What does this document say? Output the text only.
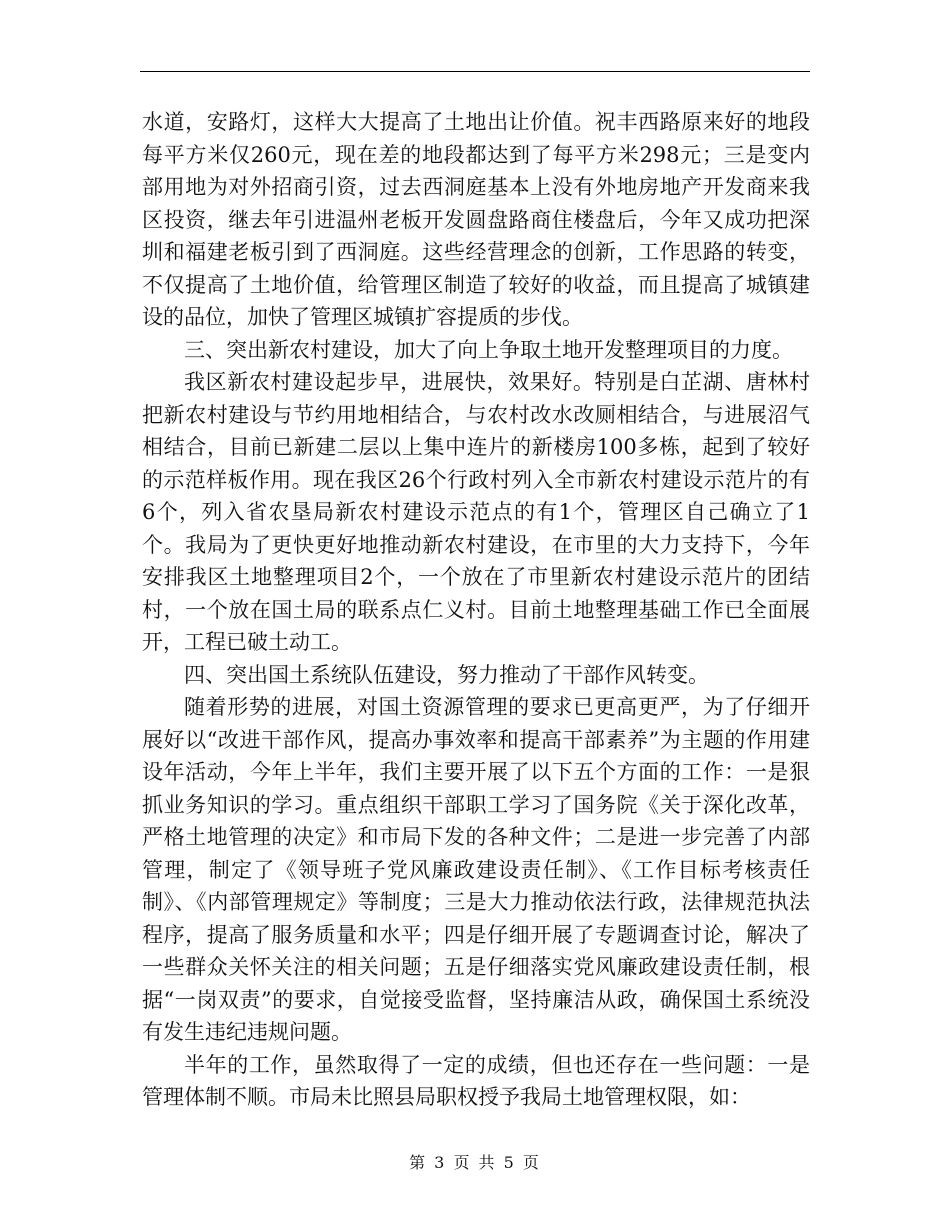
水道，安路灯，这样大大提高了土地出让价值。祝丰西路原来好的地段每平方米仅260元，现在差的地段都达到了每平方米298元；三是变内部用地为对外招商引资，过去西洞庭基本上没有外地房地产开发商来我区投资，继去年引进温州老板开发圆盘路商住楼盘后，今年又成功把深圳和福建老板引到了西洞庭。这些经营理念的创新，工作思路的转变，不仅提高了土地价值，给管理区制造了较好的收益，而且提高了城镇建设的品位，加快了管理区城镇扩容提质的步伐。

三、突出新农村建设，加大了向上争取土地开发整理项目的力度。

我区新农村建设起步早，进展快，效果好。特别是白芷湖、唐林村把新农村建设与节约用地相结合，与农村改水改厕相结合，与进展沼气相结合，目前已新建二层以上集中连片的新楼房100多栋，起到了较好的示范样板作用。现在我区26个行政村列入全市新农村建设示范片的有6个，列入省农垦局新农村建设示范点的有1个，管理区自己确立了1个。我局为了更快更好地推动新农村建设，在市里的大力支持下，今年安排我区土地整理项目2个，一个放在了市里新农村建设示范片的团结村，一个放在国土局的联系点仁义村。目前土地整理基础工作已全面展开，工程已破土动工。

四、突出国土系统队伍建设，努力推动了干部作风转变。

随着形势的进展，对国土资源管理的要求已更高更严，为了仔细开展好以“改进干部作风，提高办事效率和提高干部素养”为主题的作用建设年活动，今年上半年，我们主要开展了以下五个方面的工作：一是狠抓业务知识的学习。重点组织干部职工学习了国务院《关于深化改革，严格土地管理的决定》和市局下发的各种文件；二是进一步完善了内部管理，制定了《领导班子党风廉政建设责任制》、《工作目标考核责任制》、《内部管理规定》等制度；三是大力推动依法行政，法律规范执法程序，提高了服务质量和水平；四是仔细开展了专题调查讨论，解决了一些群众关怀关注的相关问题；五是仔细落实党风廉政建设责任制，根据“一岗双责”的要求，自觉接受监督，坚持廉洁从政，确保国土系统没有发生违纪违规问题。

半年的工作，虽然取得了一定的成绩，但也还存在一些问题：一是管理体制不顺。市局未比照县局职权授予我局土地管理权限，如：

第 3 页 共 5 页
